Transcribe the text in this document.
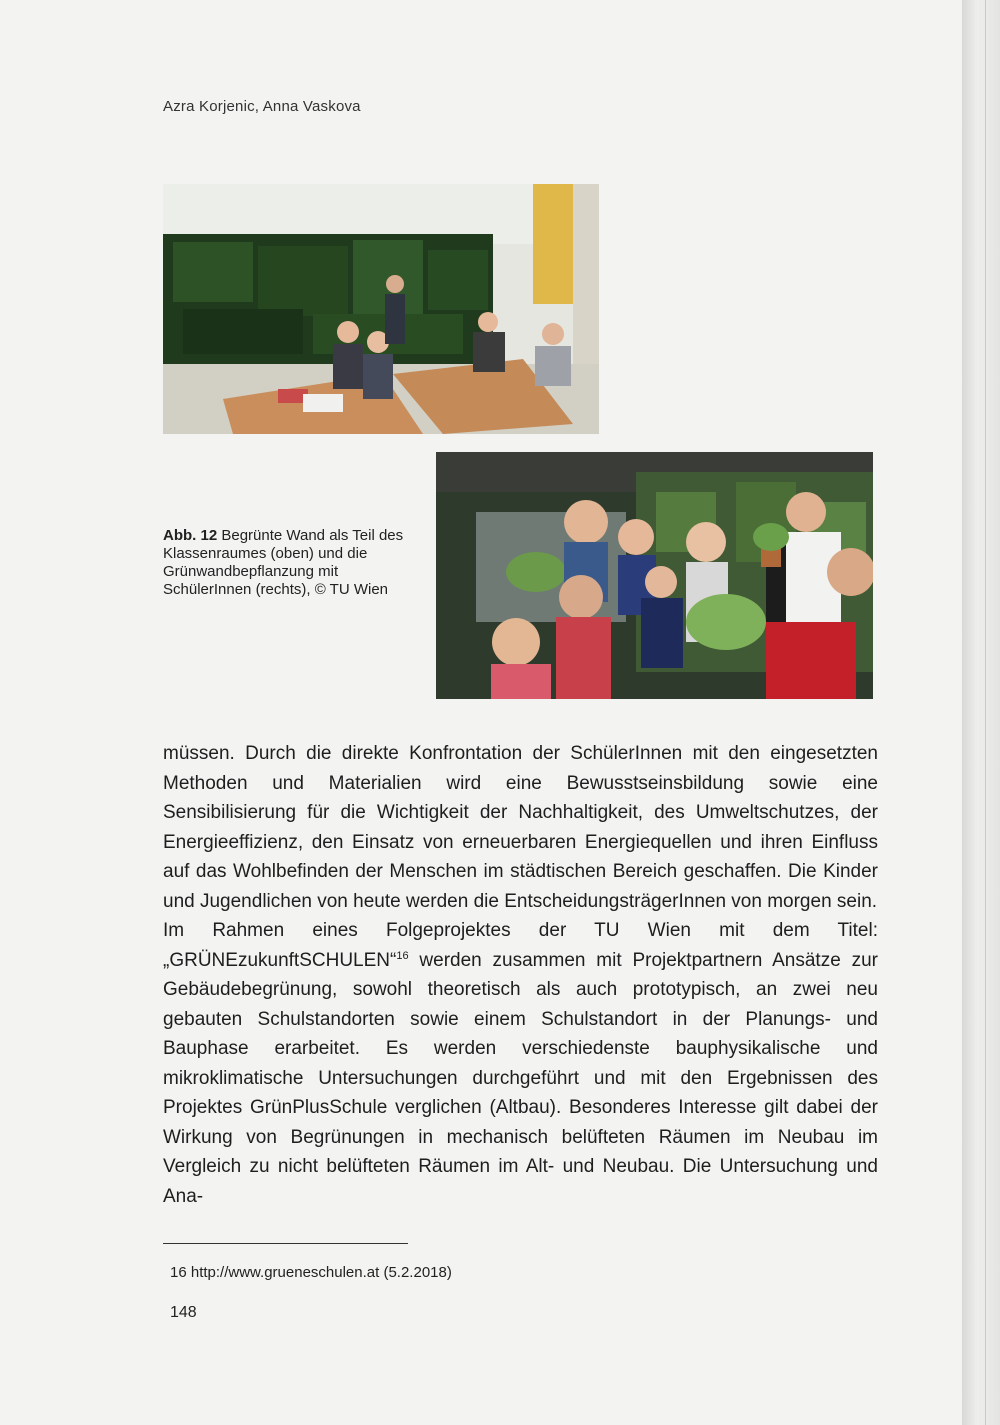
Azra Korjenic, Anna Vaskova
Abb. 12 Begrünte Wand als Teil des Klassenraumes (oben) und die Grünwandbepflanzung mit SchülerInnen (rechts), © TU Wien

müssen. Durch die direkte Konfrontation der SchülerInnen mit den eingesetzten Methoden und Materialien wird eine Bewusstseinsbildung sowie eine Sensibilisierung für die Wichtigkeit der Nachhaltigkeit, des Umweltschutzes, der Energieeffizienz, den Einsatz von erneuerbaren Energiequellen und ihren Einfluss auf das Wohlbefinden der Menschen im städtischen Bereich geschaffen. Die Kinder und Jugendlichen von heute werden die EntscheidungsträgerInnen von morgen sein.

Im Rahmen eines Folgeprojektes der TU Wien mit dem Titel: „GRÜNEzukunftSCHULEN“$^{16}$ werden zusammen mit Projektpartnern Ansätze zur Gebäudebegrünung, sowohl theoretisch als auch prototypisch, an zwei neu gebauten Schulstandorten sowie einem Schulstandort in der Planungs- und Bauphase erarbeitet. Es werden verschiedenste bauphysikalische und mikroklimatische Untersuchungen durchgeführt und mit den Ergebnissen des Projektes GrünPlusSchule verglichen (Altbau). Besonderes Interesse gilt dabei der Wirkung von Begrünungen in mechanisch belüfteten Räumen im Neubau im Vergleich zu nicht belüfteten Räumen im Alt- und Neubau. Die Untersuchung und Ana-

16 http://www.grueneschulen.at (5.2.2018)
148
